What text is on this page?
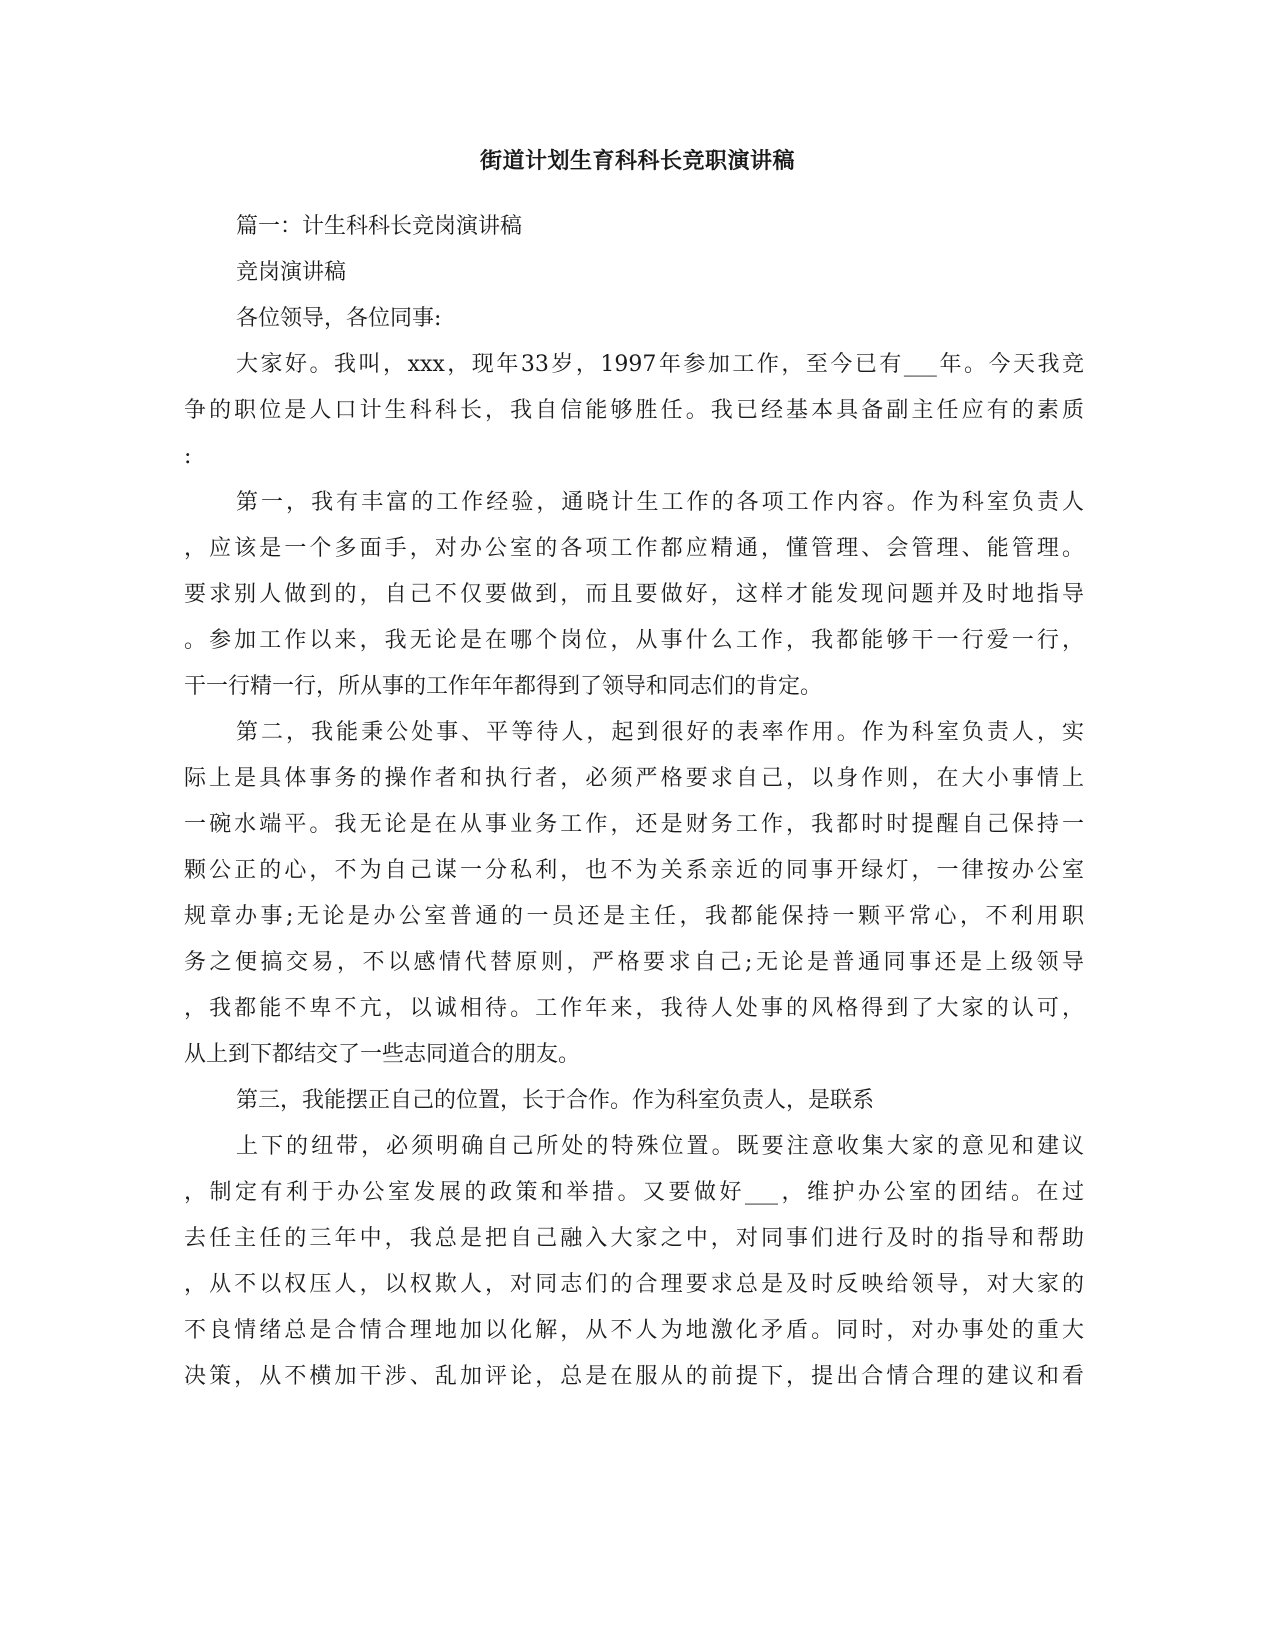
街道计划生育科科长竞职演讲稿
篇一：计生科科长竞岗演讲稿
竞岗演讲稿
各位领导，各位同事:
大家好。我叫，xxx，现年33岁，1997年参加工作，至今已有___年。今天我竞
争的职位是人口计生科科长，我自信能够胜任。我已经基本具备副主任应有的素质
:
第一，我有丰富的工作经验，通晓计生工作的各项工作内容。作为科室负责人
，应该是一个多面手，对办公室的各项工作都应精通，懂管理、会管理、能管理。
要求别人做到的，自己不仅要做到，而且要做好，这样才能发现问题并及时地指导
。参加工作以来，我无论是在哪个岗位，从事什么工作，我都能够干一行爱一行，
干一行精一行，所从事的工作年年都得到了领导和同志们的肯定。
第二，我能秉公处事、平等待人，起到很好的表率作用。作为科室负责人，实
际上是具体事务的操作者和执行者，必须严格要求自己，以身作则，在大小事情上
一碗水端平。我无论是在从事业务工作，还是财务工作，我都时时提醒自己保持一
颗公正的心，不为自己谋一分私利，也不为关系亲近的同事开绿灯，一律按办公室
规章办事;无论是办公室普通的一员还是主任，我都能保持一颗平常心，不利用职
务之便搞交易，不以感情代替原则，严格要求自己;无论是普通同事还是上级领导
，我都能不卑不亢，以诚相待。工作年来，我待人处事的风格得到了大家的认可，
从上到下都结交了一些志同道合的朋友。
第三，我能摆正自己的位置，长于合作。作为科室负责人，是联系
上下的纽带，必须明确自己所处的特殊位置。既要注意收集大家的意见和建议
，制定有利于办公室发展的政策和举措。又要做好___，维护办公室的团结。在过
去任主任的三年中，我总是把自己融入大家之中，对同事们进行及时的指导和帮助
，从不以权压人，以权欺人，对同志们的合理要求总是及时反映给领导，对大家的
不良情绪总是合情合理地加以化解，从不人为地激化矛盾。同时，对办事处的重大
决策，从不横加干涉、乱加评论，总是在服从的前提下，提出合情合理的建议和看
